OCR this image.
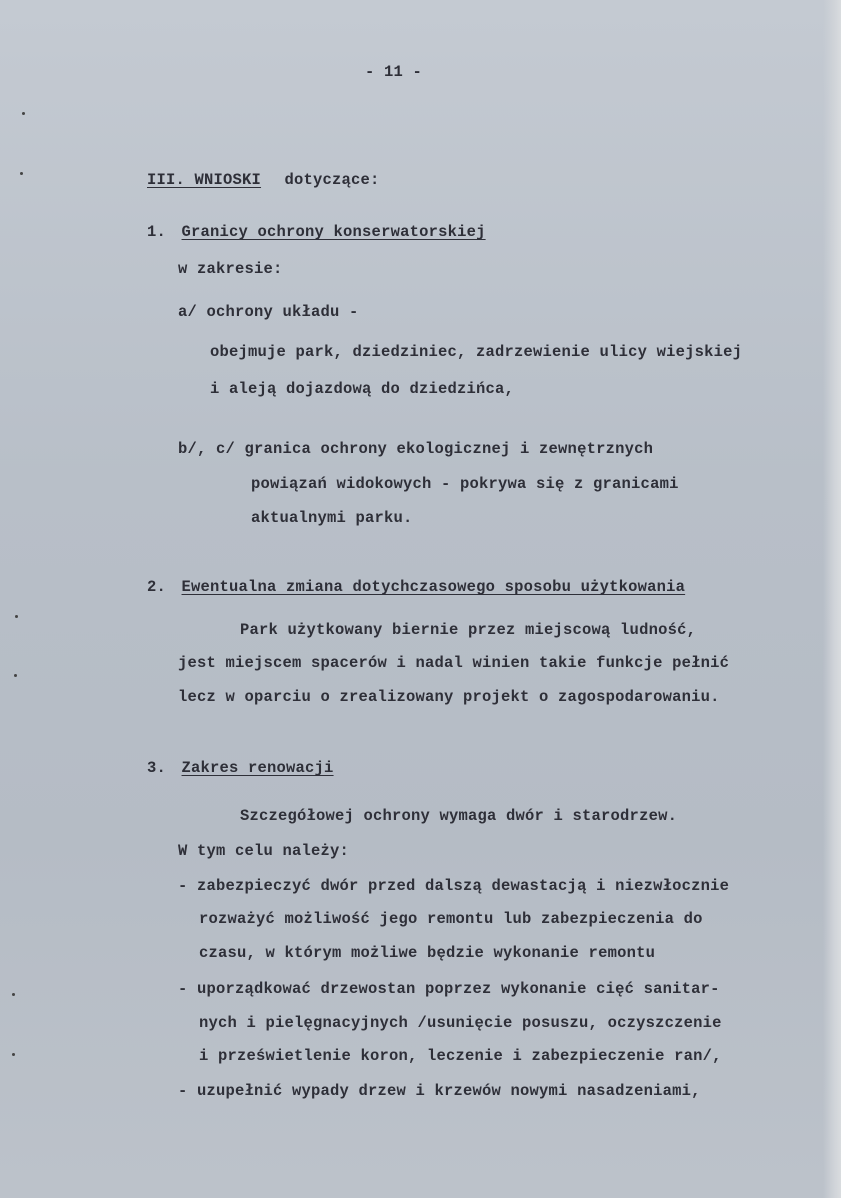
- 11 -
III. WNIOSKI dotyczące:
1. Granicy ochrony konserwatorskiej
w zakresie:
a/ ochrony układu -
obejmuje park, dziedziniec, zadrzewienie ulicy wiejskiej
i aleją dojazdową do dziedzińca,
b/, c/ granica ochrony ekologicznej i zewnętrznych
powiązań widokowych - pokrywa się z granicami
aktualnymi parku.
2. Ewentualna zmiana dotychczasowego sposobu użytkowania
Park użytkowany biernie przez miejscową ludność,
jest miejscem spacerów i nadal winien takie funkcje pełnić
lecz w oparciu o zrealizowany projekt o zagospodarowaniu.
3. Zakres renowacji
Szczegółowej ochrony wymaga dwór i starodrzew.
W tym celu należy:
- zabezpieczyć dwór przed dalszą dewastacją i niezwłocznie
rozważyć możliwość jego remontu lub zabezpieczenia do
czasu, w którym możliwe będzie wykonanie remontu
- uporządkować drzewostan poprzez wykonanie cięć sanitar-
nych i pielęgnacyjnych /usunięcie posuszu, oczyszczenie
i prześwietlenie koron, leczenie i zabezpieczenie ran/,
- uzupełnić wypady drzew i krzewów nowymi nasadzeniami,
